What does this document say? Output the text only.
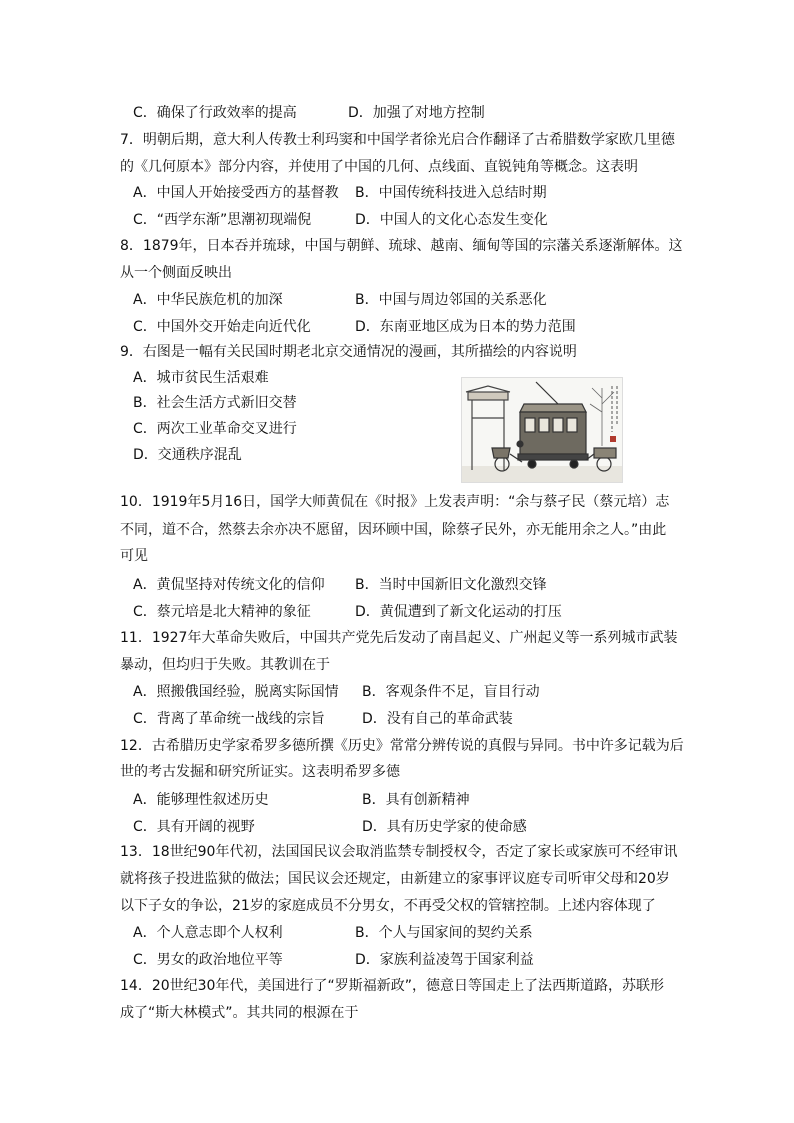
C．确保了行政效率的提高	D．加强了对地方控制
7．明朝后期，意大利人传教士利玛窦和中国学者徐光启合作翻译了古希腊数学家欧几里德
的《几何原本》部分内容，并使用了中国的几何、点线面、直锐钝角等概念。这表明
A．中国人开始接受西方的基督教 B．中国传统科技进入总结时期
C．“西学东渐”思潮初现端倪	D．中国人的文化心态发生变化
8．1879年，日本吞并琉球，中国与朝鲜、琉球、越南、缅甸等国的宗藩关系逐渐解体。这
从一个侧面反映出
A．中华民族危机的加深	B．中国与周边邻国的关系恶化
C．中国外交开始走向近代化	D．东南亚地区成为日本的势力范围
9．右图是一幅有关民国时期老北京交通情况的漫画，其所描绘的内容说明
A．城市贫民生活艰难
B．社会生活方式新旧交替
C．两次工业革命交叉进行
D．交通秩序混乱
10．1919年5月16日，国学大师黄侃在《时报》上发表声明：“余与蔡孑民（蔡元培）志
不同，道不合，然蔡去余亦决不愿留，因环顾中国，除蔡孑民外，亦无能用余之人。”由此
可见
A．黄侃坚持对传统文化的信仰 B．当时中国新旧文化激烈交锋
C．蔡元培是北大精神的象征	D．黄侃遭到了新文化运动的打压
11．1927年大革命失败后，中国共产党先后发动了南昌起义、广州起义等一系列城市武装
暴动，但均归于失败。其教训在于
A．照搬俄国经验，脱离实际国情 B．客观条件不足，盲目行动
C．背离了革命统一战线的宗旨	D．没有自己的革命武装
12．古希腊历史学家希罗多德所撰《历史》常常分辨传说的真假与异同。书中许多记载为后
世的考古发掘和研究所证实。这表明希罗多德
A．能够理性叙述历史	B．具有创新精神
C．具有开阔的视野	D．具有历史学家的使命感
13．18世纪90年代初，法国国民议会取消监禁专制授权令，否定了家长或家族可不经审讯
就将孩子投进监狱的做法；国民议会还规定，由新建立的家事评议庭专司听审父母和20岁
以下子女的争讼，21岁的家庭成员不分男女，不再受父权的管辖控制。上述内容体现了
A．个人意志即个人权利	B．个人与国家间的契约关系
C．男女的政治地位平等	D．家族利益凌驾于国家利益
14．20世纪30年代，美国进行了“罗斯福新政”，德意日等国走上了法西斯道路，苏联形
成了“斯大林模式”。其共同的根源在于
